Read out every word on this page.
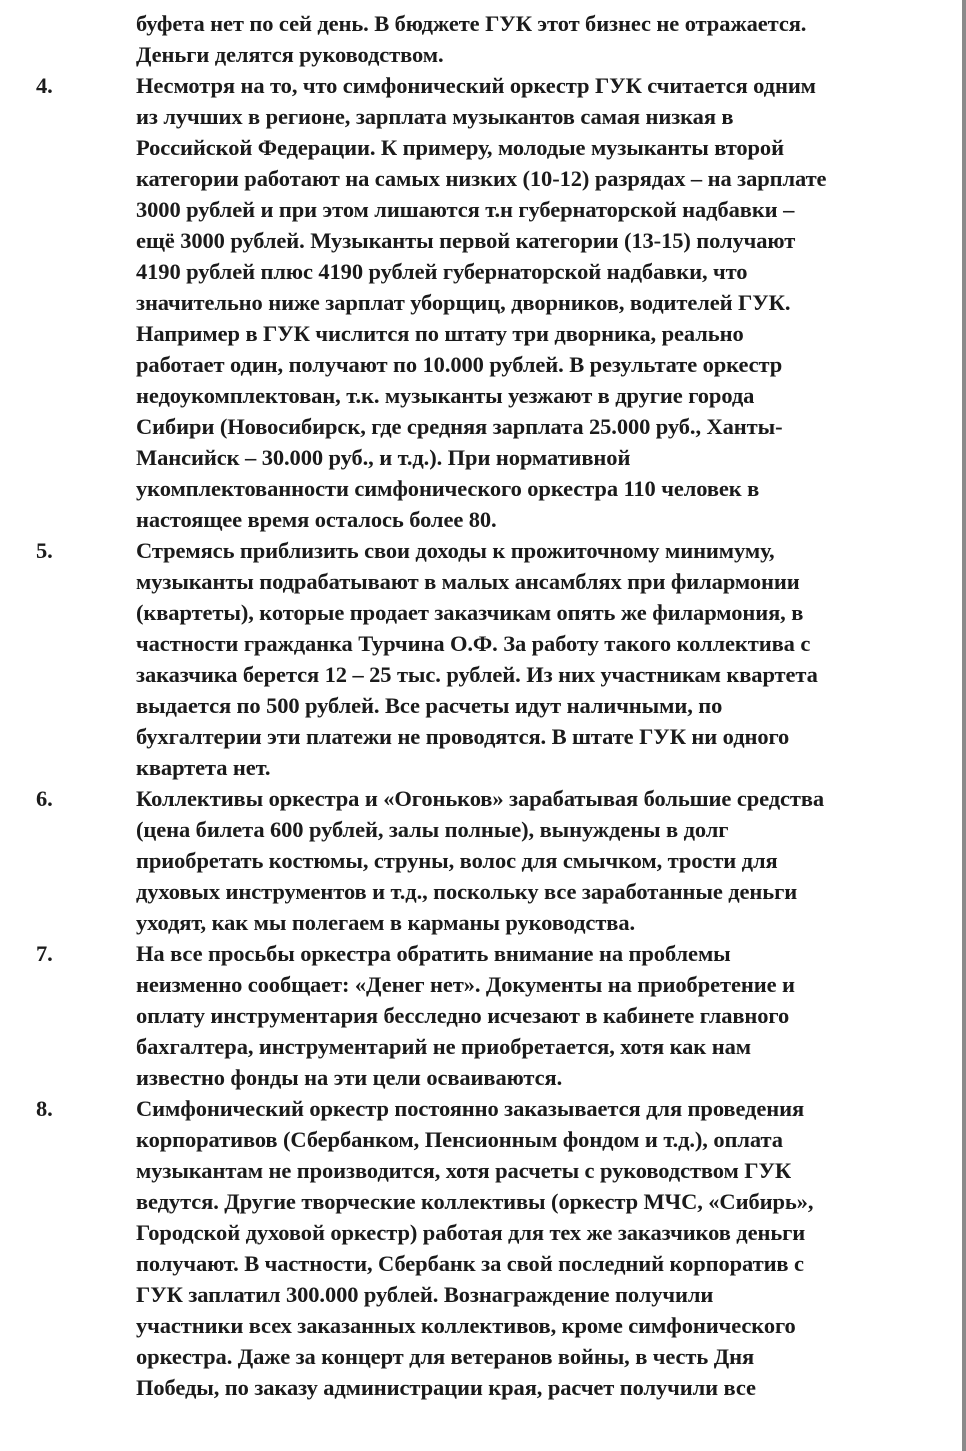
буфета нет по сей день. В бюджете ГУК этот бизнес не отражается.
Деньги делятся руководством.
4.	Несмотря на то, что симфонический оркестр ГУК считается одним
из лучших в регионе, зарплата музыкантов самая низкая в
Российской Федерации. К примеру, молодые музыканты второй
категории работают на самых низких (10-12) разрядах – на зарплате
3000 рублей и при этом лишаются т.н губернаторской надбавки –
ещё 3000 рублей. Музыканты первой категории (13-15) получают
4190 рублей плюс 4190 рублей губернаторской надбавки, что
значительно ниже зарплат уборщиц, дворников, водителей ГУК.
Например в ГУК числится по штату три дворника, реально
работает один, получают по 10.000 рублей. В результате оркестр
недоукомплектован, т.к. музыканты уезжают в другие города
Сибири (Новосибирск, где средняя зарплата 25.000 руб., Ханты-
Мансийск – 30.000 руб., и т.д.). При нормативной
укомплектованности симфонического оркестра 110 человек в
настоящее время осталось более 80.
5.	Стремясь приблизить свои доходы к прожиточному минимуму,
музыканты подрабатывают в малых ансамблях при филармонии
(квартеты), которые продает заказчикам опять же филармония, в
частности гражданка Турчина О.Ф. За работу такого коллектива с
заказчика берется 12 – 25 тыс. рублей. Из них участникам квартета
выдается по 500 рублей. Все расчеты идут наличными, по
бухгалтерии эти платежи не проводятся. В штате ГУК ни одного
квартета нет.
6.	Коллективы оркестра и «Огоньков» зарабатывая большие средства
(цена билета 600 рублей, залы полные), вынуждены в долг
приобретать костюмы, струны, волос для смычком, трости для
духовых инструментов и т.д., поскольку все заработанные деньги
уходят, как мы полегаем в карманы руководства.
7.	На все просьбы оркестра обратить внимание на проблемы
неизменно сообщает: «Денег нет». Документы на приобретение и
оплату инструментария бесследно исчезают в кабинете главного
бахгалтера, инструментарий не приобретается, хотя как нам
известно фонды на эти цели осваиваются.
8.	Симфонический оркестр постоянно заказывается для проведения
корпоративов (Сбербанком, Пенсионным фондом и т.д.), оплата
музыкантам не производится, хотя расчеты с руководством ГУК
ведутся. Другие творческие коллективы (оркестр МЧС, «Сибирь»,
Городской духовой оркестр) работая для тех же заказчиков деньги
получают. В частности, Сбербанк за свой последний корпоратив с
ГУК заплатил 300.000 рублей. Вознаграждение получили
участники всех заказанных коллективов, кроме симфонического
оркестра. Даже за концерт для ветеранов войны, в честь Дня
Победы, по заказу администрации края, расчет получили все
